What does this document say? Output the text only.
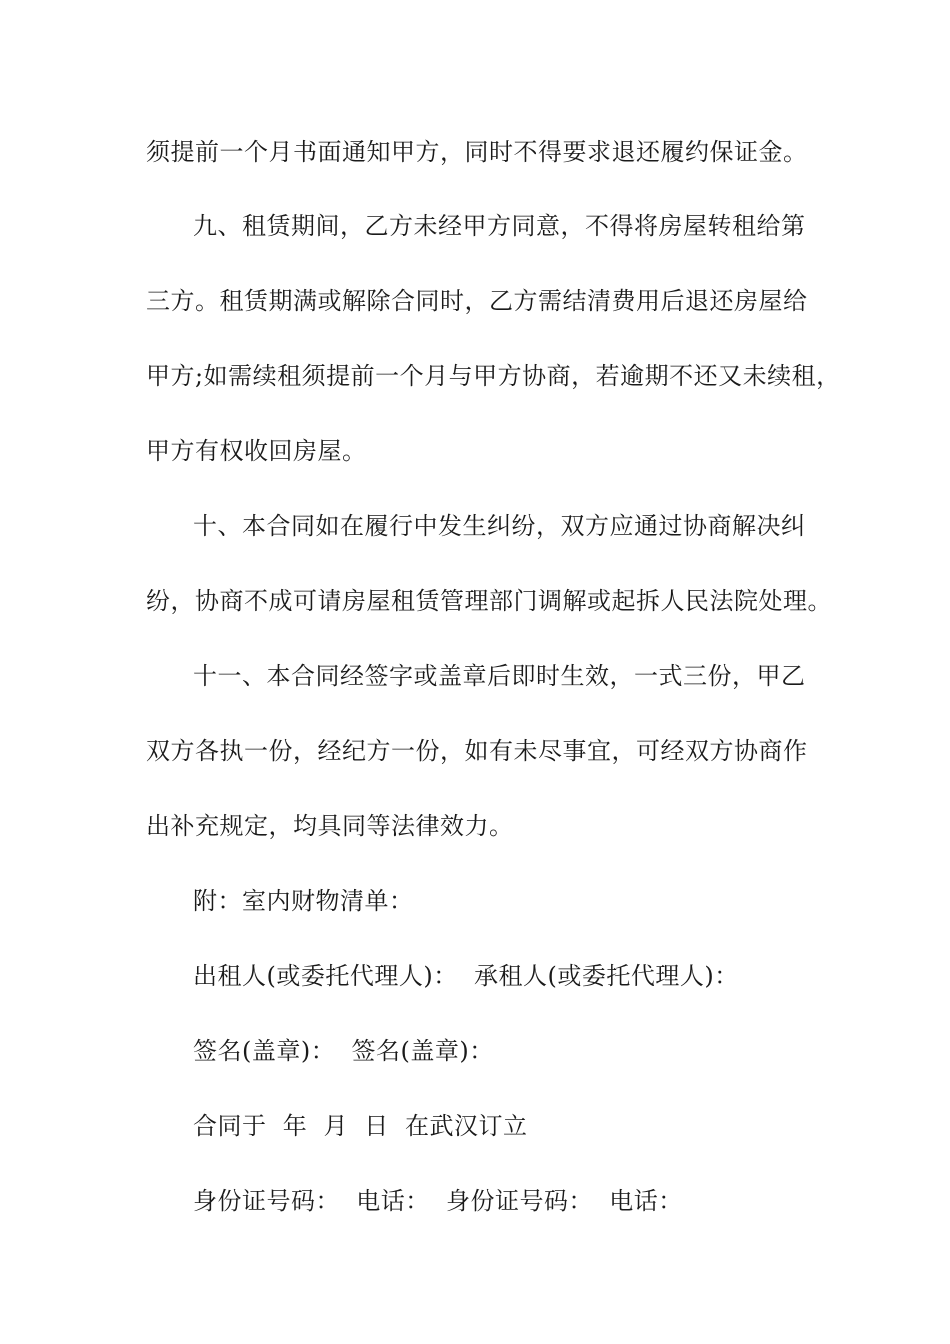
须提前一个月书面通知甲方，同时不得要求退还履约保证金。
九、租赁期间，乙方未经甲方同意，不得将房屋转租给第
三方。租赁期满或解除合同时，乙方需结清费用后退还房屋给
甲方;如需续租须提前一个月与甲方协商，若逾期不还又未续租，
甲方有权收回房屋。
十、本合同如在履行中发生纠纷，双方应通过协商解决纠
纷，协商不成可请房屋租赁管理部门调解或起拆人民法院处理。
十一、本合同经签字或盖章后即时生效，一式三份，甲乙
双方各执一份，经纪方一份，如有未尽事宜，可经双方协商作
出补充规定，均具同等法律效力。
附：室内财物清单：
出租人(或委托代理人)：  承租人(或委托代理人)：
签名(盖章)：  签名(盖章)：
合同于  年  月  日  在武汉订立
身份证号码：  电话：  身份证号码：  电话：
